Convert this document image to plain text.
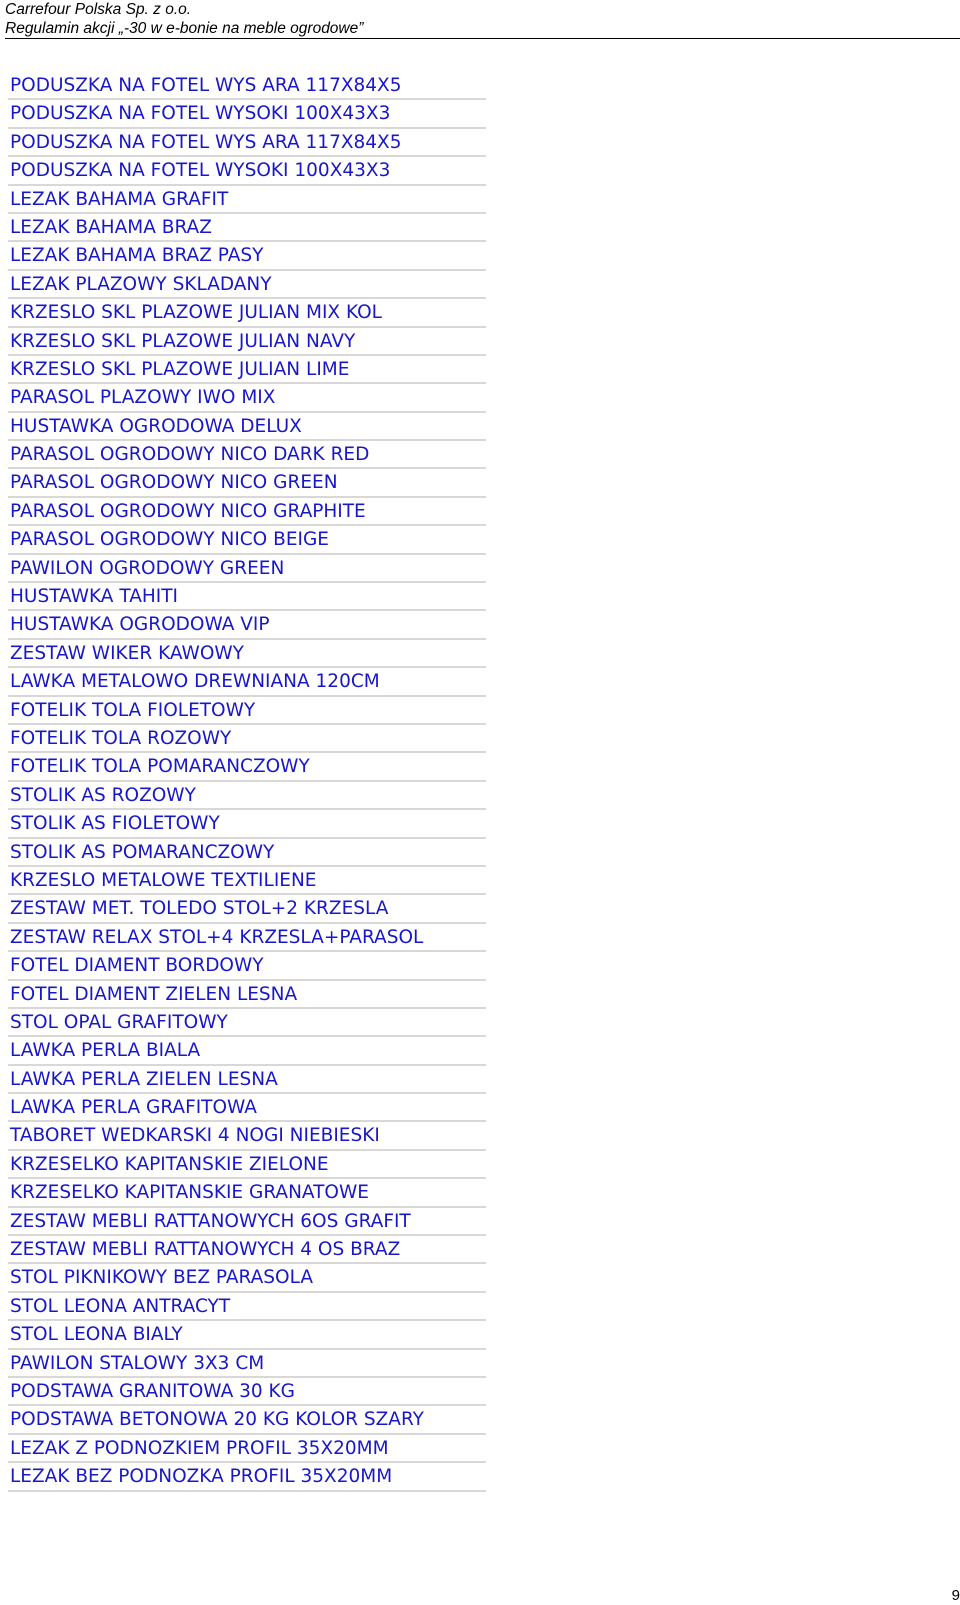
Carrefour Polska Sp. z o.o.
Regulamin akcji „-30 w e-bonie na meble ogrodowe”
PODUSZKA NA FOTEL WYS ARA 117X84X5
PODUSZKA NA FOTEL WYSOKI 100X43X3
PODUSZKA NA FOTEL WYS ARA 117X84X5
PODUSZKA NA FOTEL WYSOKI 100X43X3
LEZAK BAHAMA GRAFIT
LEZAK BAHAMA BRAZ
LEZAK BAHAMA BRAZ PASY
LEZAK PLAZOWY SKLADANY
KRZESLO SKL PLAZOWE JULIAN MIX KOL
KRZESLO SKL PLAZOWE JULIAN NAVY
KRZESLO SKL PLAZOWE JULIAN LIME
PARASOL PLAZOWY IWO MIX
HUSTAWKA OGRODOWA DELUX
PARASOL OGRODOWY NICO DARK RED
PARASOL OGRODOWY NICO GREEN
PARASOL OGRODOWY NICO GRAPHITE
PARASOL OGRODOWY NICO BEIGE
PAWILON OGRODOWY GREEN
HUSTAWKA TAHITI
HUSTAWKA OGRODOWA VIP
ZESTAW WIKER KAWOWY
LAWKA METALOWO DREWNIANA 120CM
FOTELIK TOLA FIOLETOWY
FOTELIK TOLA ROZOWY
FOTELIK TOLA POMARANCZOWY
STOLIK AS ROZOWY
STOLIK AS FIOLETOWY
STOLIK AS POMARANCZOWY
KRZESLO METALOWE TEXTILIENE
ZESTAW MET. TOLEDO STOL+2 KRZESLA
ZESTAW RELAX STOL+4 KRZESLA+PARASOL
FOTEL DIAMENT BORDOWY
FOTEL DIAMENT ZIELEN LESNA
STOL OPAL GRAFITOWY
LAWKA PERLA BIALA
LAWKA PERLA ZIELEN LESNA
LAWKA PERLA GRAFITOWA
TABORET WEDKARSKI 4 NOGI NIEBIESKI
KRZESELKO KAPITANSKIE ZIELONE
KRZESELKO KAPITANSKIE GRANATOWE
ZESTAW MEBLI RATTANOWYCH 6OS GRAFIT
ZESTAW MEBLI RATTANOWYCH 4 OS BRAZ
STOL PIKNIKOWY BEZ PARASOLA
STOL LEONA ANTRACYT
STOL LEONA BIALY
PAWILON STALOWY 3X3 CM
PODSTAWA GRANITOWA 30 KG
PODSTAWA BETONOWA 20 KG KOLOR SZARY
LEZAK Z PODNOZKIEM PROFIL 35X20MM
LEZAK BEZ PODNOZKA PROFIL 35X20MM
9
